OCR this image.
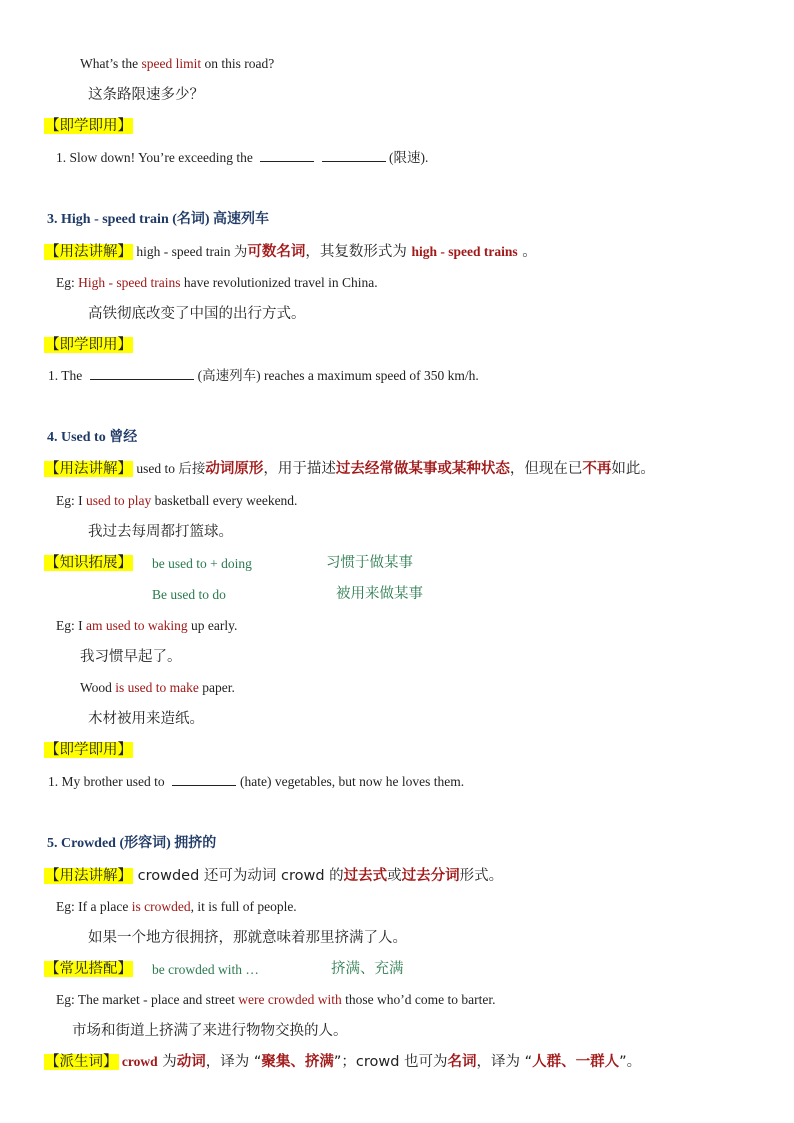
What’s the speed limit on this road?
这条路限速多少？
【即学即用】
1. Slow down! You’re exceeding the	(限速).
3. High - speed train (名词) 高速列车
【用法讲解】 high - speed train 为可数名词，其复数形式为 high - speed trains 。
Eg: High - speed trains have revolutionized travel in China.
高铁彻底改变了中国的出行方式。
【即学即用】
1. The	(高速列车) reaches a maximum speed of 350 km/h.
4. Used to 曾经
【用法讲解】 used to 后接动词原形，用于描述过去经常做某事或某种状态，但现在已不再如此。
Eg: I used to play basketball every weekend.
我过去每周都打篮球。
【知识拓展】 be used to + doing	习惯于做某事
Be used to do	被用来做某事
Eg: I am used to waking up early.
我习惯早起了。
Wood is used to make paper.
木材被用来造纸。
【即学即用】
1. My brother used to	(hate) vegetables, but now he loves them.
5. Crowded (形容词) 拥挤的
【用法讲解】 crowded 还可为动词 crowd 的过去式或过去分词形式。
Eg: If a place is crowded, it is full of people.
如果一个地方很拥挤，那就意味着那里挤满了人。
【常见搭配】 be crowded with …	挤满、充满
Eg: The market - place and street were crowded with those who’d come to barter.
市场和街道上挤满了来进行物物交换的人。
【派生词】 crowd 为动词，译为 “聚集、挤满”；crowd 也可为名词，译为 “人群、一群人”。
